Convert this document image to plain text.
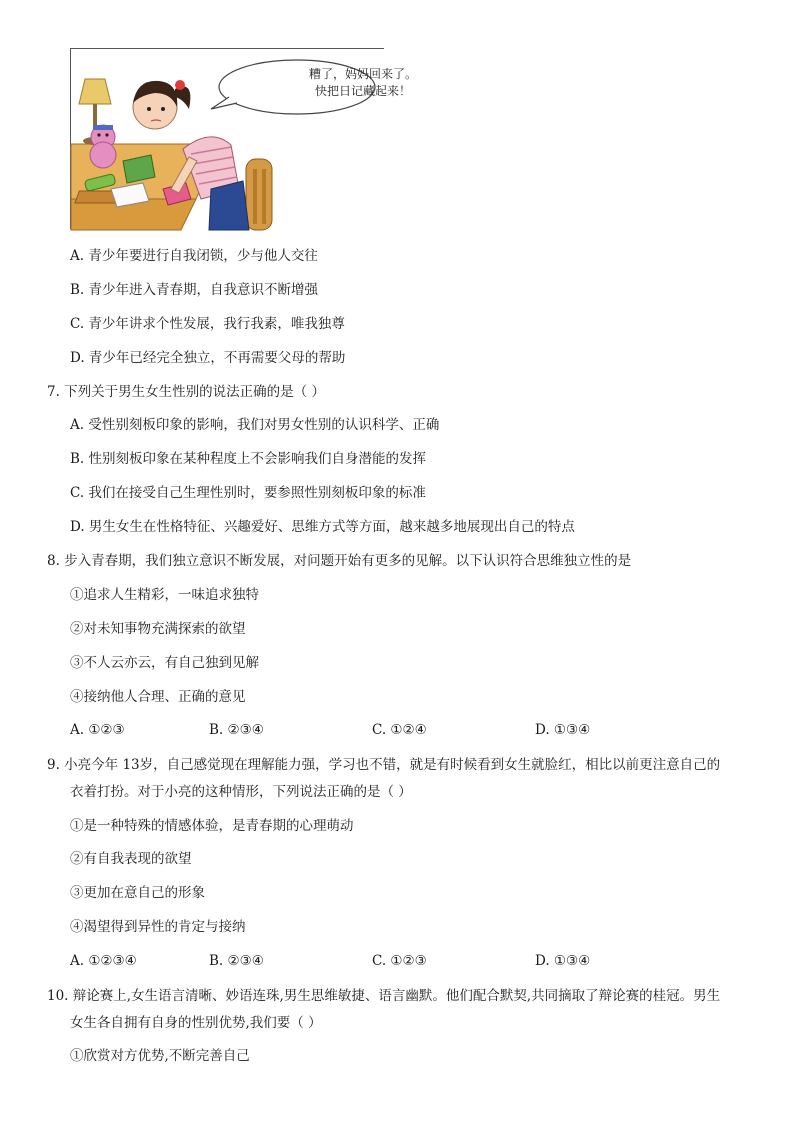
糟了，妈妈回来了。
快把日记藏起来！
A. 青少年要进行自我闭锁，少与他人交往
B. 青少年进入青春期，自我意识不断增强
C. 青少年讲求个性发展，我行我素，唯我独尊
D. 青少年已经完全独立，不再需要父母的帮助
7. 下列关于男生女生性别的说法正确的是（ ）
A. 受性别刻板印象的影响，我们对男女性别的认识科学、正确
B. 性别刻板印象在某种程度上不会影响我们自身潜能的发挥
C. 我们在接受自己生理性别时，要参照性别刻板印象的标准
D. 男生女生在性格特征、兴趣爱好、思维方式等方面，越来越多地展现出自己的特点
8. 步入青春期，我们独立意识不断发展，对问题开始有更多的见解。以下认识符合思维独立性的是
①追求人生精彩，一味追求独特
②对未知事物充满探索的欲望
③不人云亦云，有自己独到见解
④接纳他人合理、正确的意见
A. ①②③	B. ②③④	C. ①②④	D. ①③④
9. 小亮今年 13岁，自己感觉现在理解能力强，学习也不错，就是有时候看到女生就脸红，相比以前更注意自己的
衣着打扮。对于小亮的这种情形，下列说法正确的是（ ）
①是一种特殊的情感体验，是青春期的心理萌动
②有自我表现的欲望
③更加在意自己的形象
④渴望得到异性的肯定与接纳
A. ①②③④	B. ②③④	C. ①②③	D. ①③④
10. 辩论赛上,女生语言清晰、妙语连珠,男生思维敏捷、语言幽默。他们配合默契,共同摘取了辩论赛的桂冠。男生
女生各自拥有自身的性别优势,我们要（ ）
①欣赏对方优势,不断完善自己
